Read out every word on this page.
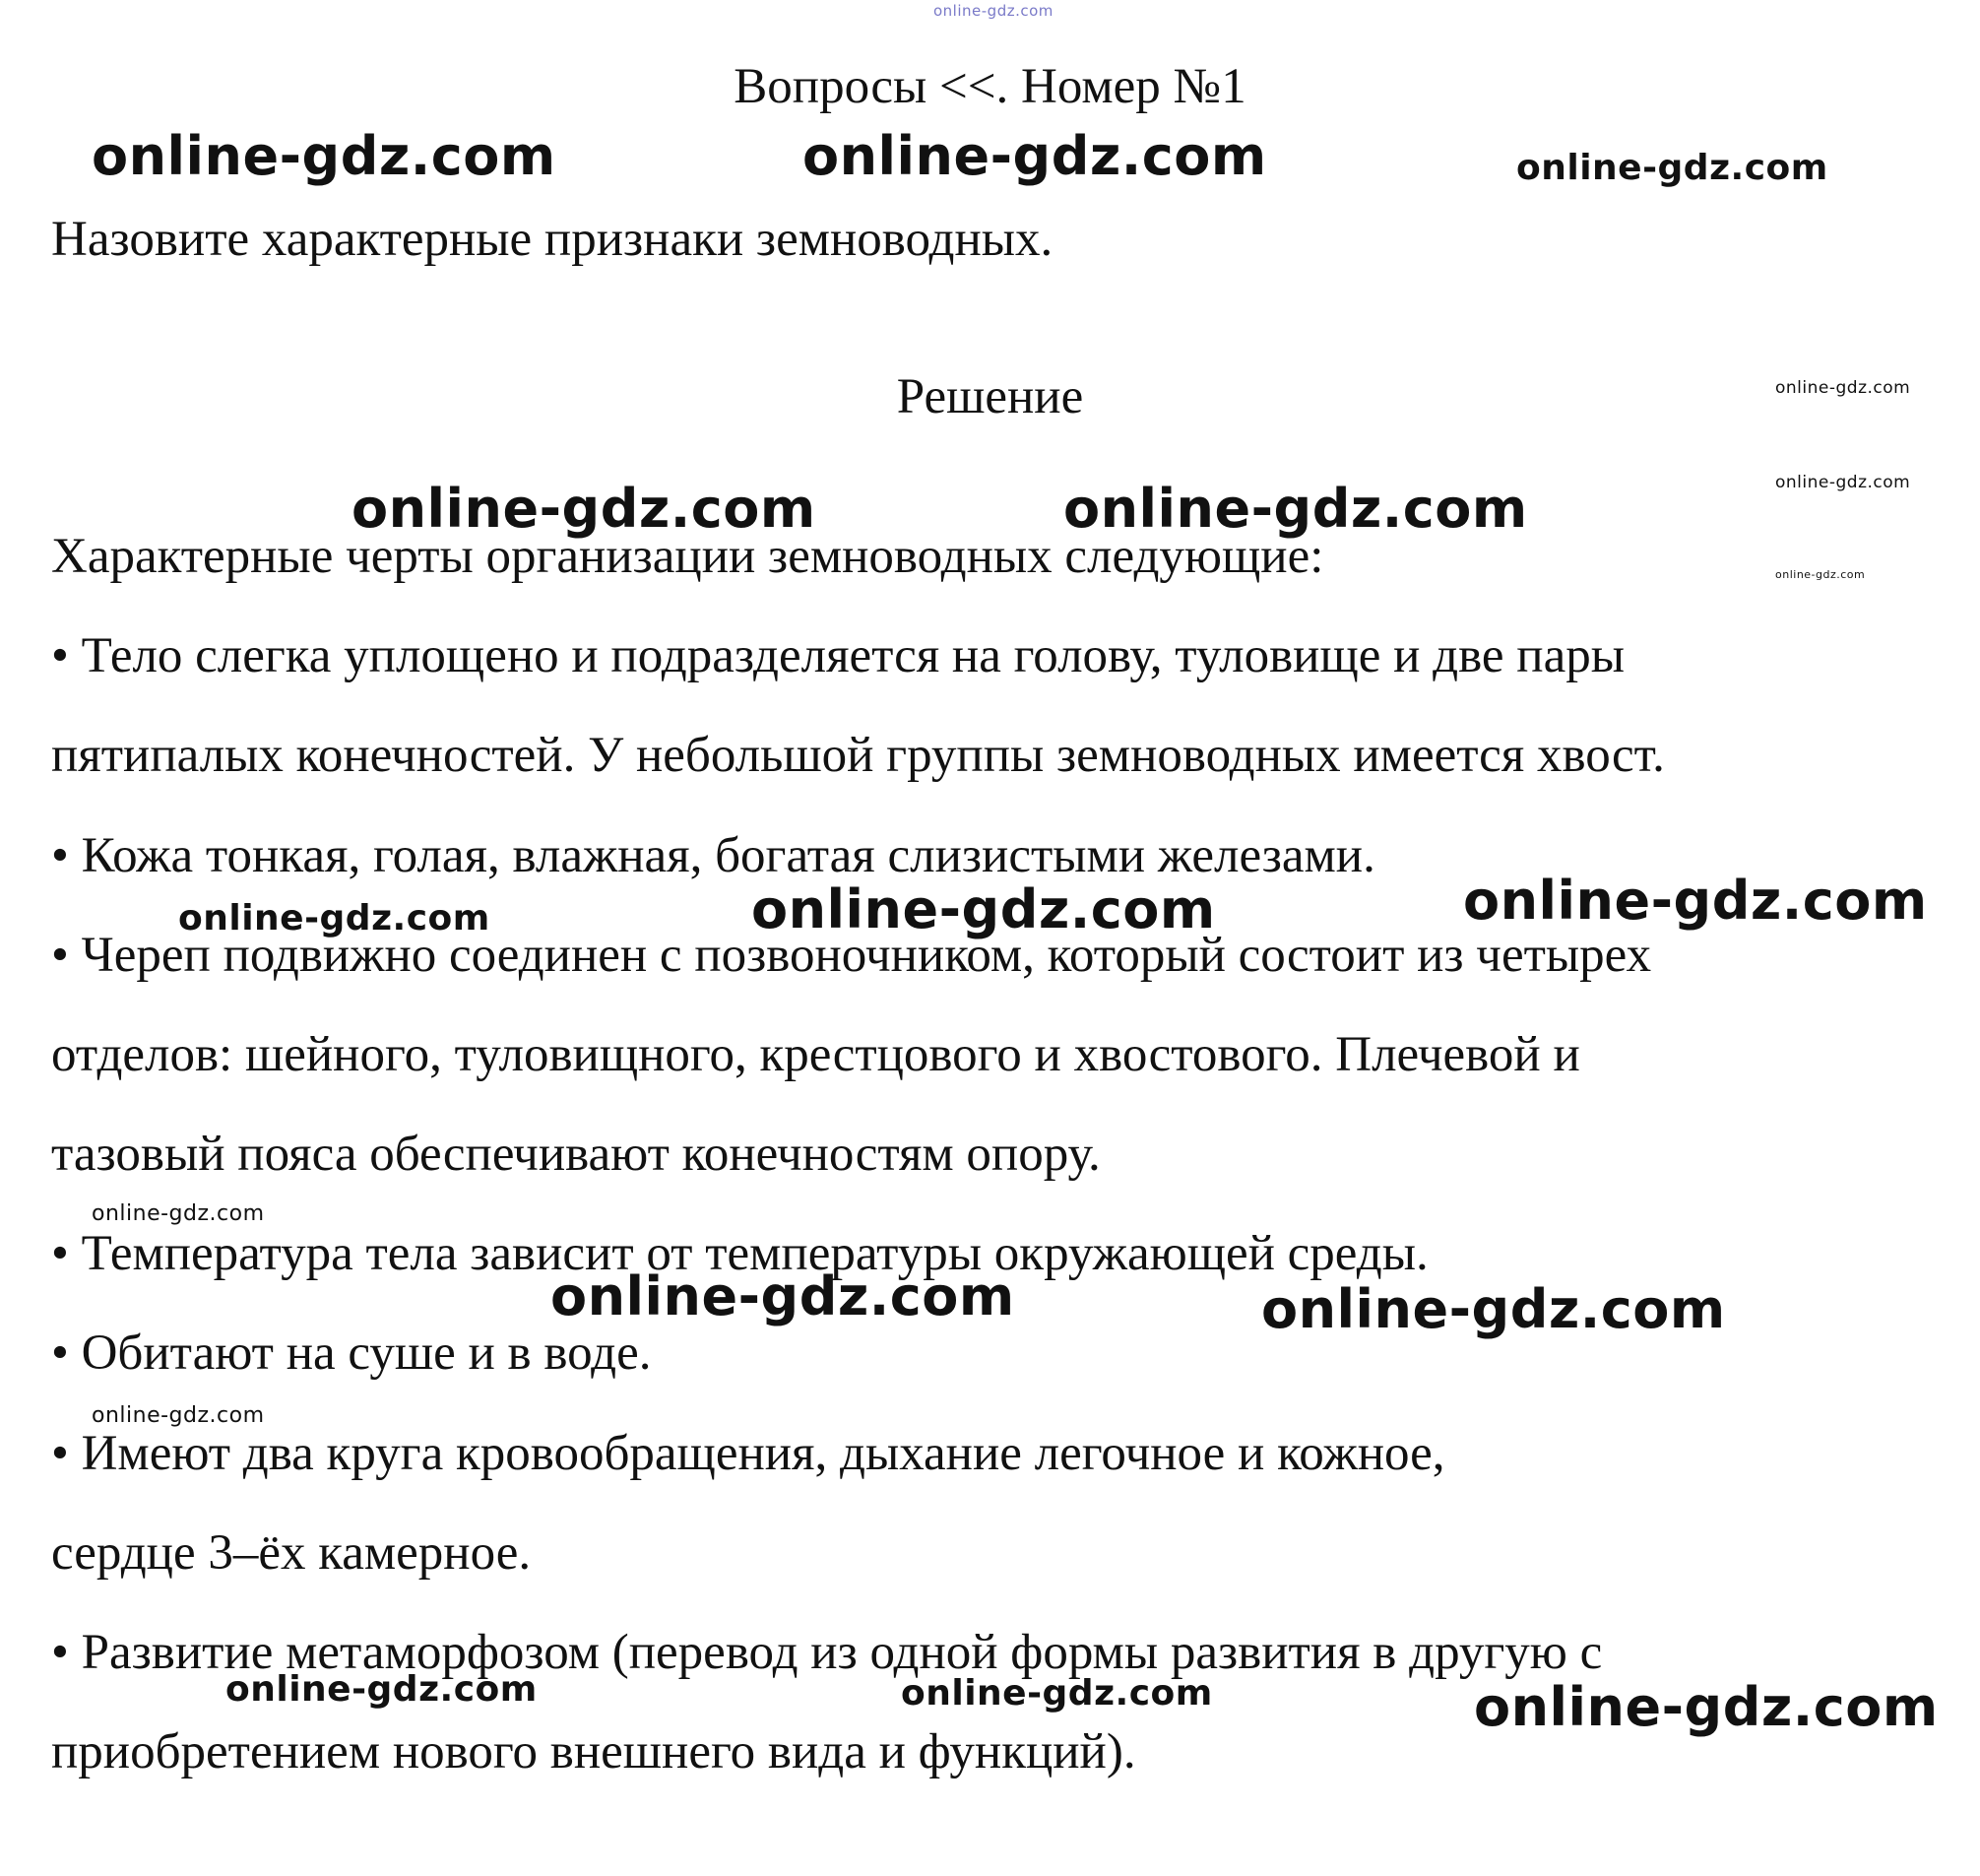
online-gdz.com
Вопросы <<. Номер №1
Назовите характерные признаки земноводных.
Решение
Характерные черты организации земноводных следующие:
• Тело слегка уплощено и подразделяется на голову, туловище и две пары
пятипалых конечностей. У небольшой группы земноводных имеется хвост.
• Кожа тонкая, голая, влажная, богатая слизистыми железами.
• Череп подвижно соединен с позвоночником, который состоит из четырех
отделов: шейного, туловищного, крестцового и хвостового. Плечевой и
тазовый пояса обеспечивают конечностям опору.
• Температура тела зависит от температуры окружающей среды.
• Обитают на суше и в воде.
• Имеют два круга кровообращения, дыхание легочное и кожное,
сердце 3–ёх камерное.
• Развитие метаморфозом (перевод из одной формы развития в другую с
приобретением нового внешнего вида и функций).
online-gdz.com	online-gdz.com	online-gdz.com
online-gdz.com
online-gdz.com
online-gdz.com
online-gdz.com	online-gdz.com
online-gdz.com	online-gdz.com	online-gdz.com
online-gdz.com
online-gdz.com	online-gdz.com
online-gdz.com
online-gdz.com	online-gdz.com	online-gdz.com
